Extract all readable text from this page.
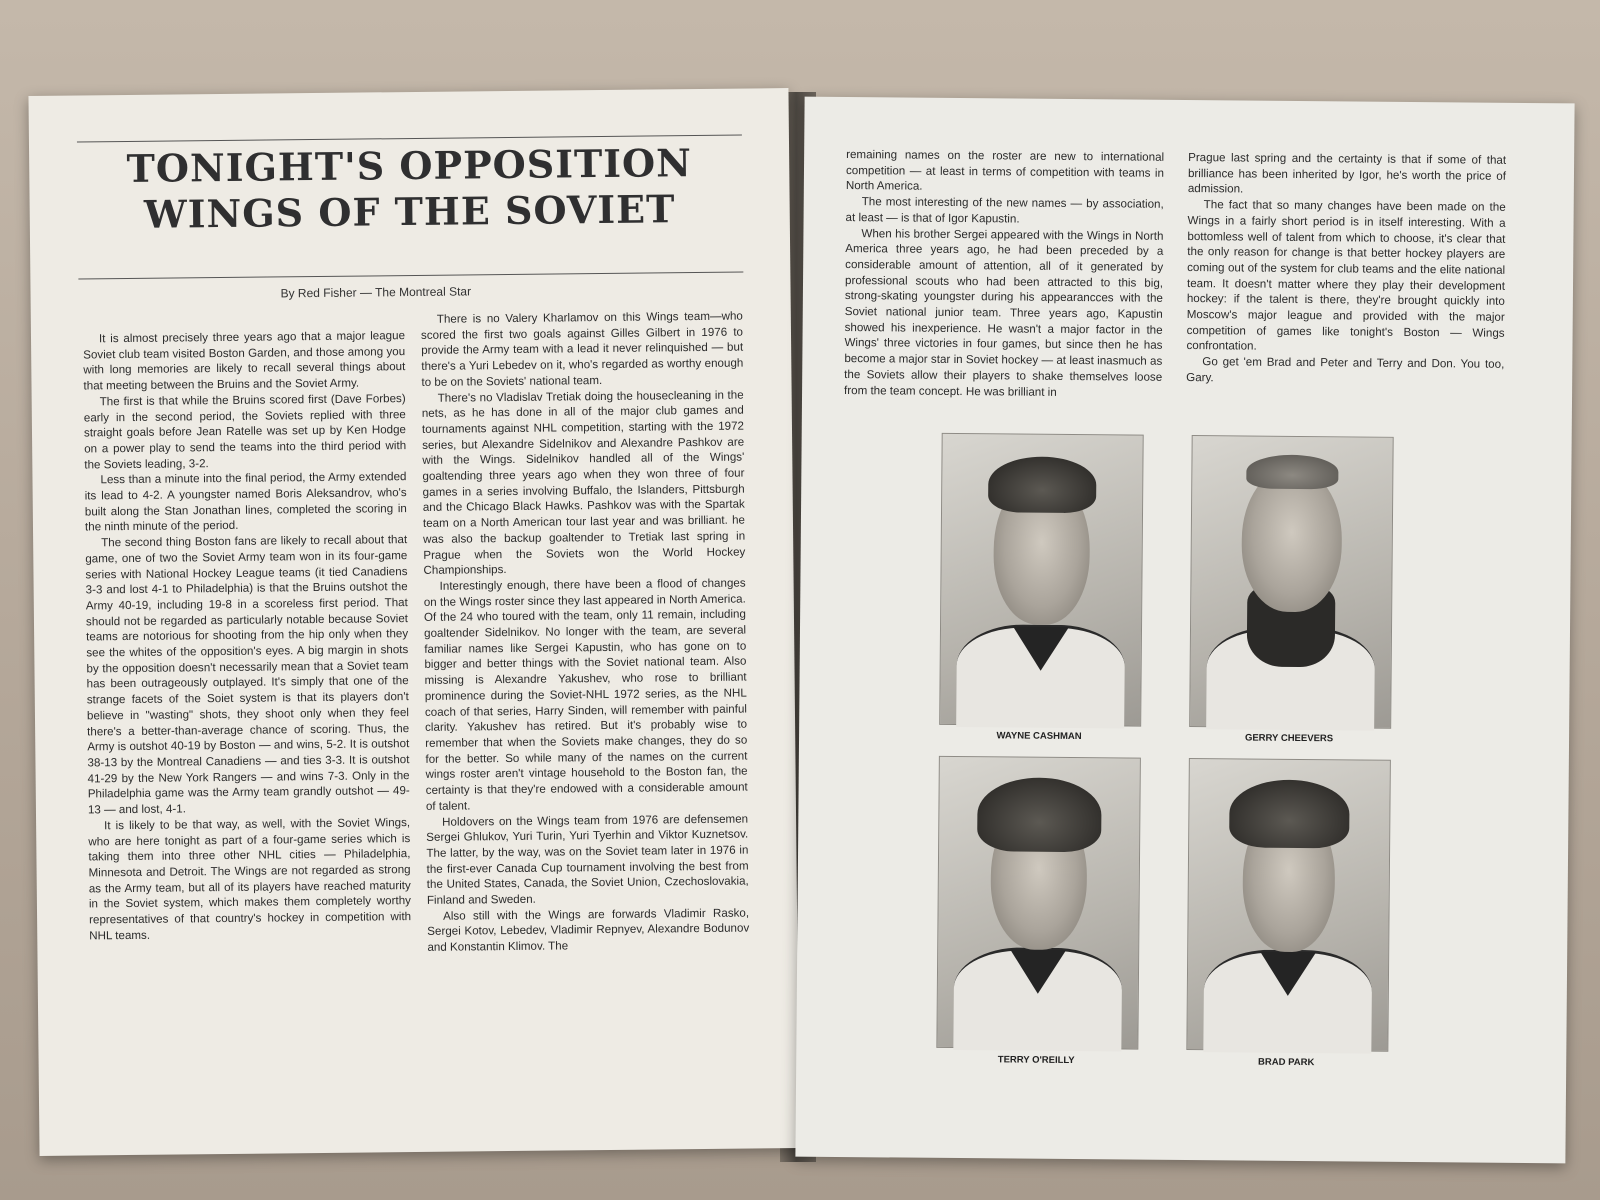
TONIGHT'S OPPOSITION
WINGS OF THE SOVIET
By Red Fisher — The Montreal Star

It is almost precisely three years ago that a major league Soviet club team visited Boston Garden, and those among you with long memories are likely to recall several things about that meeting between the Bruins and the Soviet Army.

The first is that while the Bruins scored first (Dave Forbes) early in the second period, the Soviets replied with three straight goals before Jean Ratelle was set up by Ken Hodge on a power play to send the teams into the third period with the Soviets leading, 3-2.

Less than a minute into the final period, the Army extended its lead to 4-2. A youngster named Boris Aleksandrov, who's built along the Stan Jonathan lines, completed the scoring in the ninth minute of the period.

The second thing Boston fans are likely to recall about that game, one of two the Soviet Army team won in its four-game series with National Hockey League teams (it tied Canadiens 3-3 and lost 4-1 to Philadelphia) is that the Bruins outshot the Army 40-19, including 19-8 in a scoreless first period. That should not be regarded as particularly notable because Soviet teams are notorious for shooting from the hip only when they see the whites of the opposition's eyes. A big margin in shots by the opposition doesn't necessarily mean that a Soviet team has been outrageously outplayed. It's simply that one of the strange facets of the Soiet system is that its players don't believe in "wasting" shots, they shoot only when they feel there's a better-than-average chance of scoring. Thus, the Army is outshot 40-19 by Boston — and wins, 5-2. It is outshot 38-13 by the Montreal Canadiens — and ties 3-3. It is outshot 41-29 by the New York Rangers — and wins 7-3. Only in the Philadelphia game was the Army team grandly outshot — 49-13 — and lost, 4-1.

It is likely to be that way, as well, with the Soviet Wings, who are here tonight as part of a four-game series which is taking them into three other NHL cities — Philadelphia, Minnesota and Detroit. The Wings are not regarded as strong as the Army team, but all of its players have reached maturity in the Soviet system, which makes them completely worthy representatives of that country's hockey in competition with NHL teams.

There is no Valery Kharlamov on this Wings team—who scored the first two goals against Gilles Gilbert in 1976 to provide the Army team with a lead it never relinquished — but there's a Yuri Lebedev on it, who's regarded as worthy enough to be on the Soviets' national team.

There's no Vladislav Tretiak doing the housecleaning in the nets, as he has done in all of the major club games and tournaments against NHL competition, starting with the 1972 series, but Alexandre Sidelnikov and Alexandre Pashkov are with the Wings. Sidelnikov handled all of the Wings' goaltending three years ago when they won three of four games in a series involving Buffalo, the Islanders, Pittsburgh and the Chicago Black Hawks. Pashkov was with the Spartak team on a North American tour last year and was brilliant. he was also the backup goaltender to Tretiak last spring in Prague when the Soviets won the World Hockey Championships.

Interestingly enough, there have been a flood of changes on the Wings roster since they last appeared in North America. Of the 24 who toured with the team, only 11 remain, including goaltender Sidelnikov. No longer with the team, are several familiar names like Sergei Kapustin, who has gone on to bigger and better things with the Soviet national team. Also missing is Alexandre Yakushev, who rose to brilliant prominence during the Soviet-NHL 1972 series, as the NHL coach of that series, Harry Sinden, will remember with painful clarity. Yakushev has retired. But it's probably wise to remember that when the Soviets make changes, they do so for the better. So while many of the names on the current wings roster aren't vintage household to the Boston fan, the certainty is that they're endowed with a considerable amount of talent.

Holdovers on the Wings team from 1976 are defensemen Sergei Ghlukov, Yuri Turin, Yuri Tyerhin and Viktor Kuznetsov. The latter, by the way, was on the Soviet team later in 1976 in the first-ever Canada Cup tournament involving the best from the United States, Canada, the Soviet Union, Czechoslovakia, Finland and Sweden.

Also still with the Wings are forwards Vladimir Rasko, Sergei Kotov, Lebedev, Vladimir Repnyev, Alexandre Bodunov and Konstantin Klimov. The

remaining names on the roster are new to international competition — at least in terms of competition with teams in North America.

The most interesting of the new names — by association, at least — is that of Igor Kapustin.

When his brother Sergei appeared with the Wings in North America three years ago, he had been preceded by a considerable amount of attention, all of it generated by professional scouts who had been attracted to this big, strong-skating youngster during his appearancces with the Soviet national junior team. Three years ago, Kapustin showed his inexperience. He wasn't a major factor in the Wings' three victories in four games, but since then he has become a major star in Soviet hockey — at least inasmuch as the Soviets allow their players to shake themselves loose from the team concept. He was brilliant in

Prague last spring and the certainty is that if some of that brilliance has been inherited by Igor, he's worth the price of admission.

The fact that so many changes have been made on the Wings in a fairly short period is in itself interesting. With a bottomless well of talent from which to choose, it's clear that the only reason for change is that better hockey players are coming out of the system for club teams and the elite national team. It doesn't matter where they play their development hockey: if the talent is there, they're brought quickly into Moscow's major league and provided with the major competition of games like tonight's Boston — Wings confrontation.

Go get 'em Brad and Peter and Terry and Don. You too, Gary.

WAYNE CASHMAN	GERRY CHEEVERS
TERRY O'REILLY	BRAD PARK
